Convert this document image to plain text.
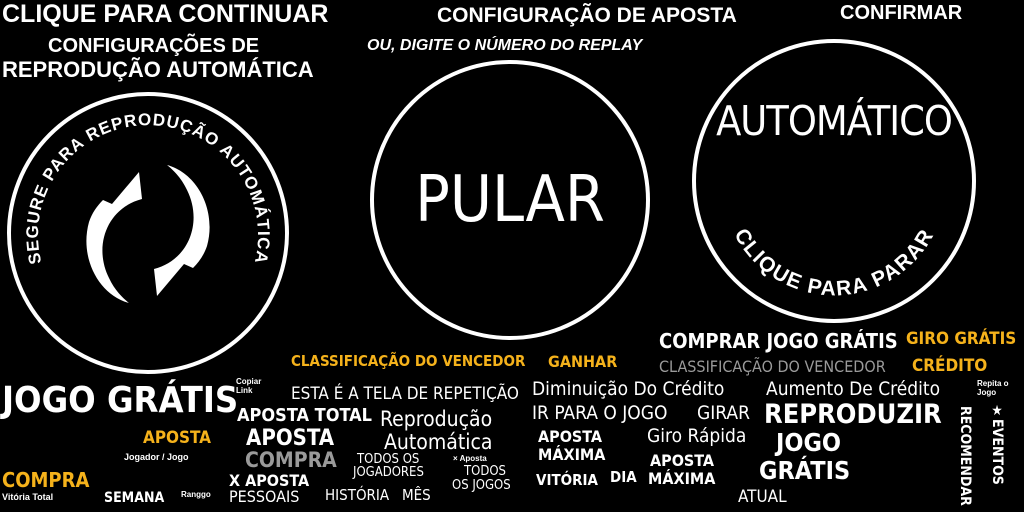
CLIQUE PARA CONTINUAR	CONFIGURAÇÃO DE APOSTA	CONFIRMAR
CONFIGURAÇÕES DE
REPRODUÇÃO AUTOMÁTICA
OU, DIGITE O NÚMERO DO REPLAY
SEGURE PARA REPRODUÇÃO AUTOMÁTICA
PULAR
AUTOMÁTICO
CLIQUE PARA PARAR
COMPRAR JOGO GRÁTIS GIRO GRÁTIS
CLASSIFICAÇÃO DO VENCEDOR GANHAR	CLASSIFICAÇÃO DO VENCEDOR CRÉDITO
JOGO GRÁTIS
Copiar Link	ESTA É A TELA DE REPETIÇÃO Diminuição Do Crédito Aumento De Crédito	Repita o Jogo
APOSTA TOTAL Reprodução IR PARA O JOGO GIRAR REPRODUZIR RECOMENDAR ★EVENTOS
APOSTA APOSTA Automática	APOSTA
MÁXIMA
Giro Rápida JOGO
GRÁTIS
Jogador / Jogo	COMPRA TODOS OS
JOGADORES
× Aposta
TODOS
OS JOGOS
APOSTA
MÁXIMA
COMPRA
Vitória Total
X APOSTA
PESSOAIS
VITÓRIA DIA
ATUAL
SEMANA Ranggo	HISTÓRIA MÊS
